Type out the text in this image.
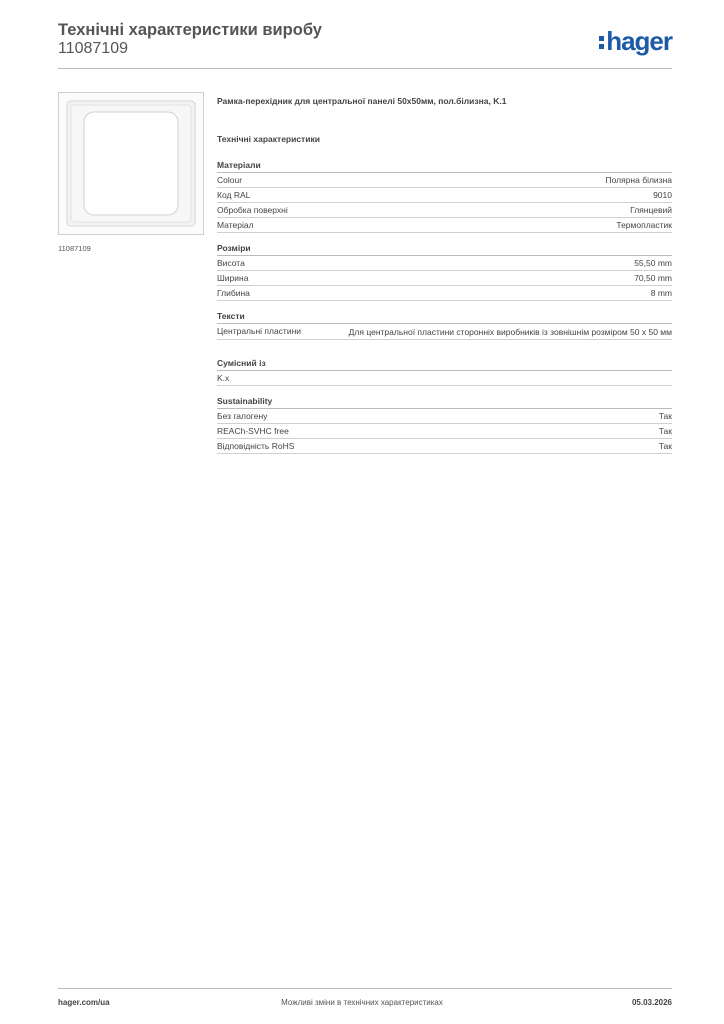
Технічні характеристики виробу
11087109	hager
11087109
Рамка-перехідник для центральної панелі 50х50мм, пол.білизна, K.1
Технічні характеристики
Матеріали
Colour	Полярна білизна
Код RAL	9010
Обробка поверхні	Глянцевий
Матеріал	Термопластик
Розміри
Висота	55,50 mm
Ширина	70,50 mm
Глибина	8 mm
Тексти
Центральні пластини	Для центральної пластини сторонніх виробників із зовнішнім розміром 50 х 50 мм
Сумісний із
K.x
Sustainability
Без галогену	Так
REACh-SVHC free	Так
Відповідність RoHS	Так
hager.com/ua	Можливі зміни в технічних характеристиках	05.03.2026
